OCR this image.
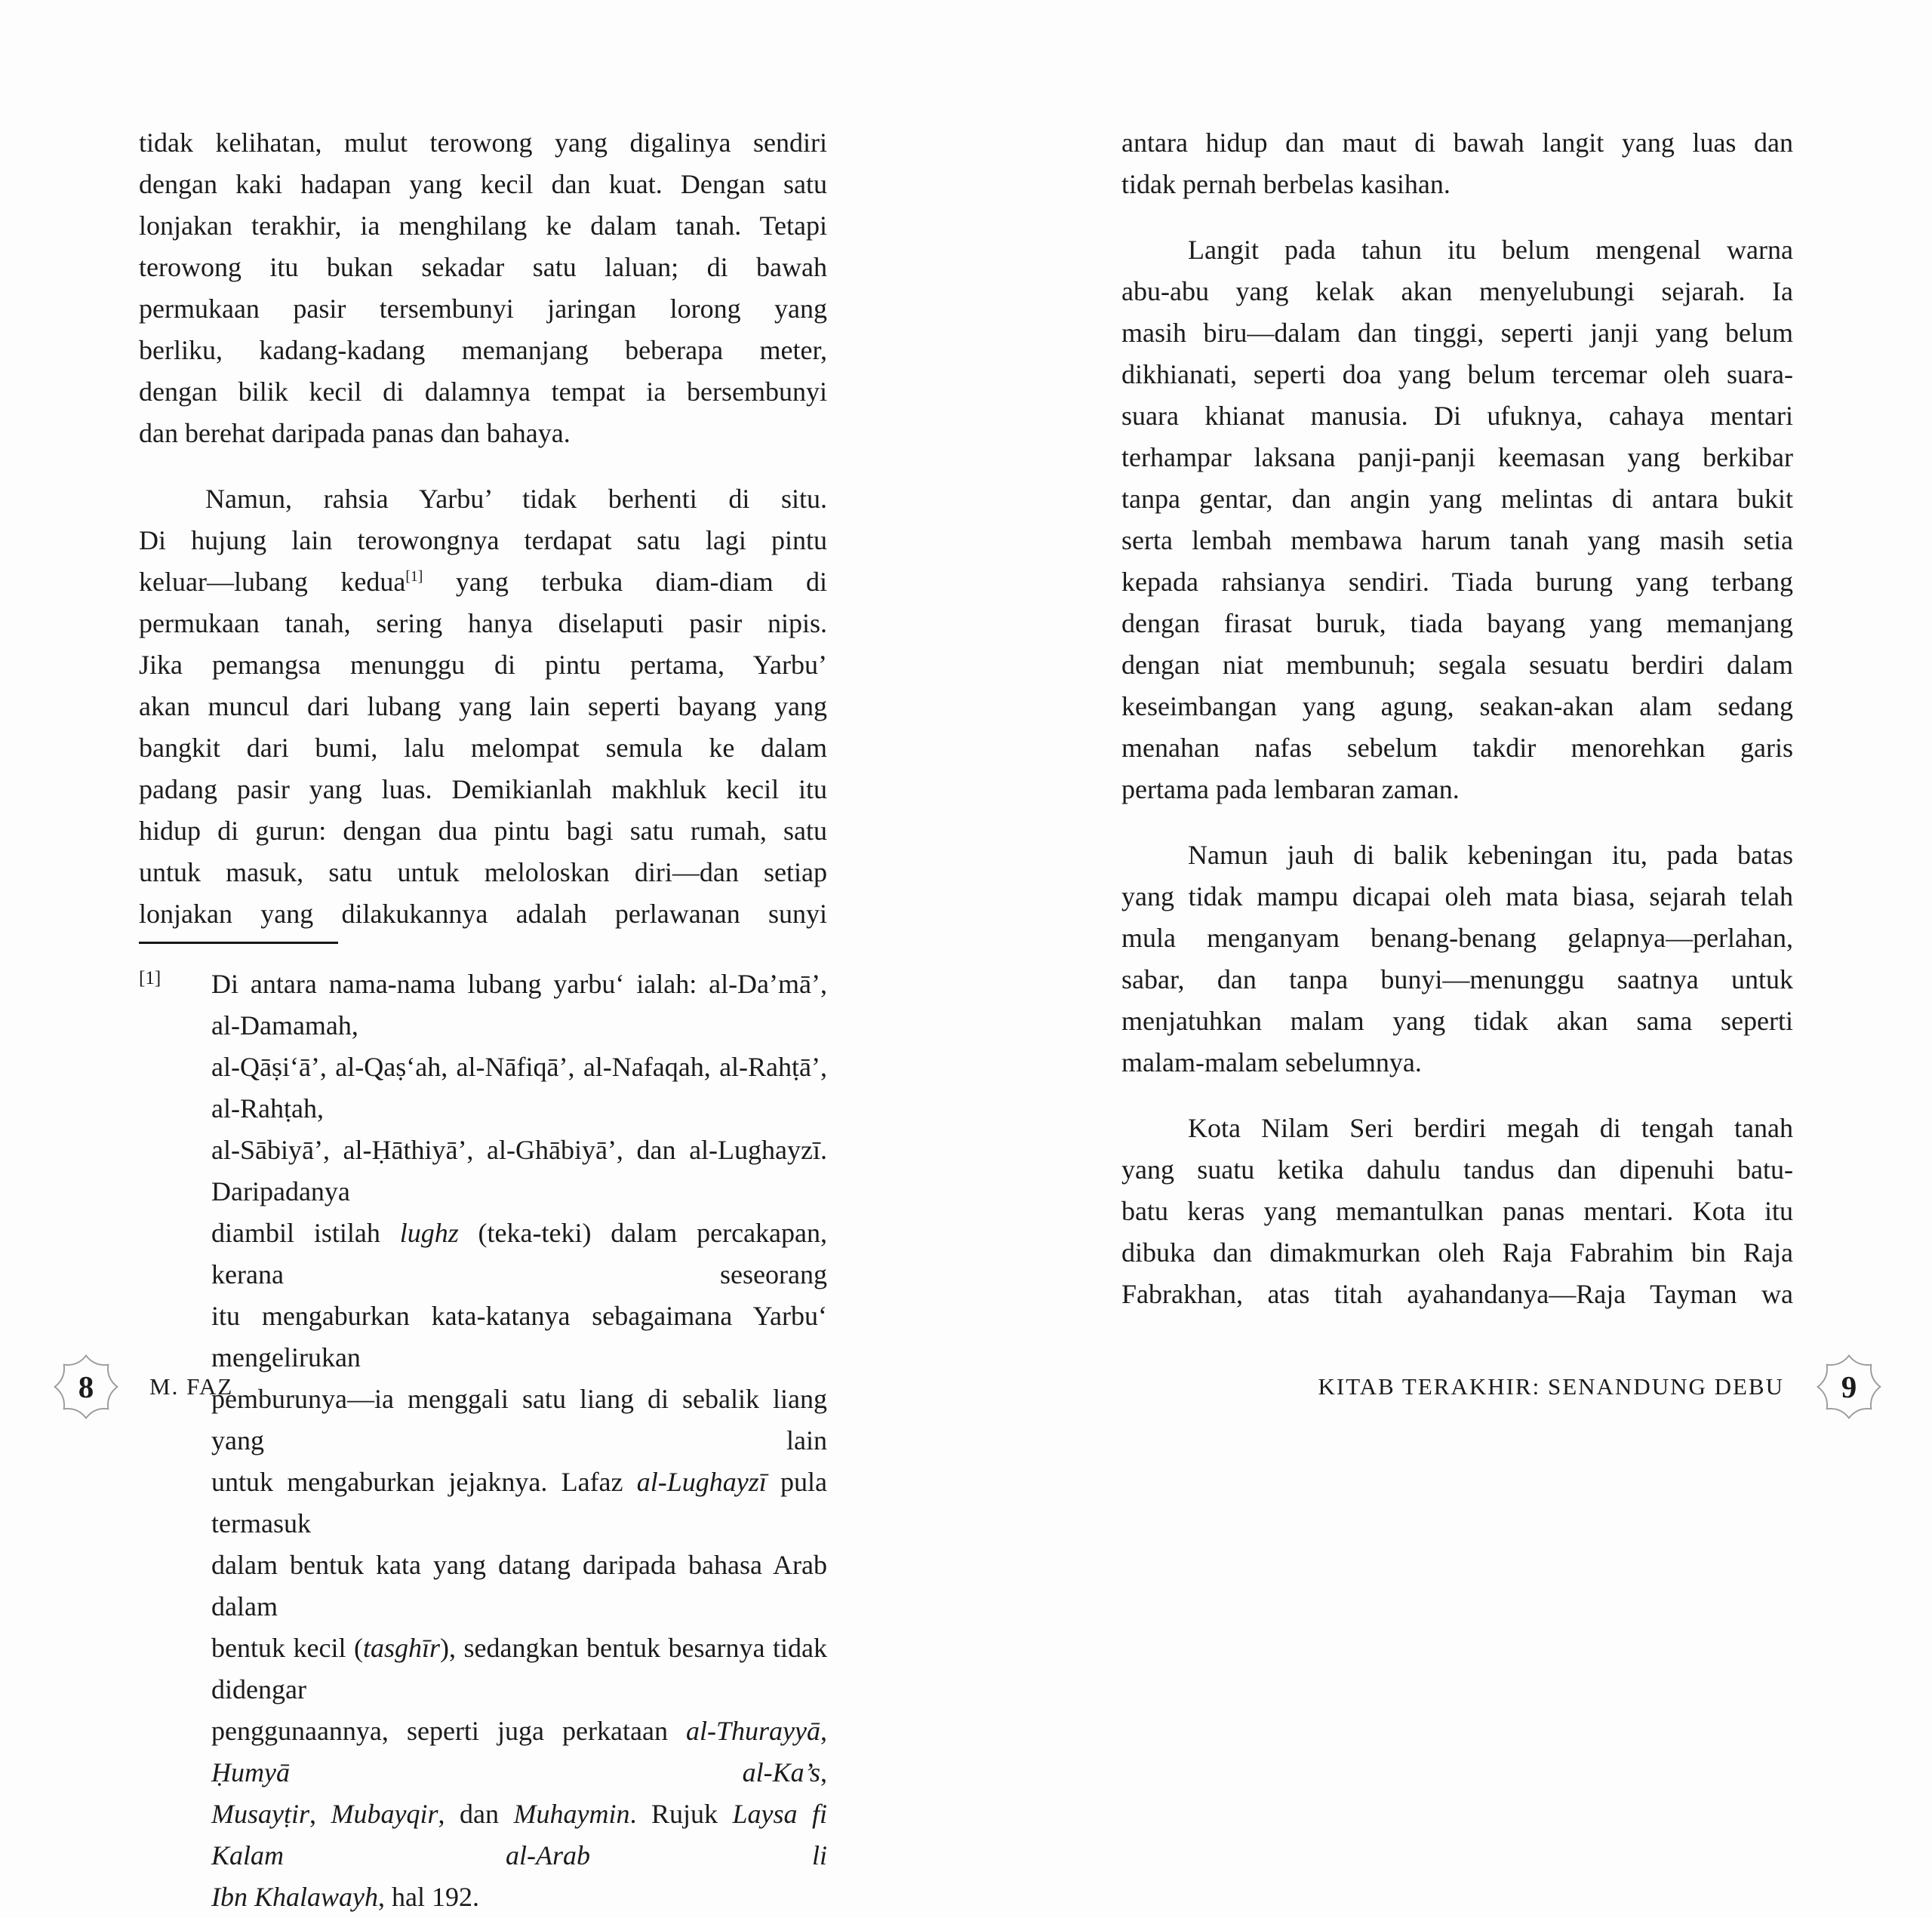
tidak kelihatan, mulut terowong yang digalinya sendiri
dengan kaki hadapan yang kecil dan kuat. Dengan satu
lonjakan terakhir, ia menghilang ke dalam tanah. Tetapi
terowong itu bukan sekadar satu laluan; di bawah
permukaan pasir tersembunyi jaringan lorong yang
berliku, kadang-kadang memanjang beberapa meter,
dengan bilik kecil di dalamnya tempat ia bersembunyi
dan berehat daripada panas dan bahaya.
Namun, rahsia Yarbu’ tidak berhenti di situ.
Di hujung lain terowongnya terdapat satu lagi pintu
keluar—lubang kedua[1] yang terbuka diam-diam di
permukaan tanah, sering hanya diselaputi pasir nipis.
Jika pemangsa menunggu di pintu pertama, Yarbu’
akan muncul dari lubang yang lain seperti bayang yang
bangkit dari bumi, lalu melompat semula ke dalam
padang pasir yang luas. Demikianlah makhluk kecil itu
hidup di gurun: dengan dua pintu bagi satu rumah, satu
untuk masuk, satu untuk meloloskan diri—dan setiap
lonjakan yang dilakukannya adalah perlawanan sunyi
[1] Di antara nama-nama lubang yarbu‘ ialah: al-Da’mā’, al-Damamah,
al-Qāṣi‘ā’, al-Qaṣ‘ah, al-Nāfiqā’, al-Nafaqah, al-Rahṭā’, al-Rahṭah,
al-Sābiyā’, al-Ḥāthiyā’, al-Ghābiyā’, dan al-Lughayzī. Daripadanya
diambil istilah lughz (teka-teki) dalam percakapan, kerana seseorang
itu mengaburkan kata-katanya sebagaimana Yarbu‘ mengelirukan
pemburunya—ia menggali satu liang di sebalik liang yang lain
untuk mengaburkan jejaknya. Lafaz al-Lughayzī pula termasuk
dalam bentuk kata yang datang daripada bahasa Arab dalam
bentuk kecil (tasghīr), sedangkan bentuk besarnya tidak didengar
penggunaannya, seperti juga perkataan al-Thurayyā, Ḥumyā al-Ka’s,
Musayṭir, Mubayqir, dan Muhaymin. Rujuk Laysa fi Kalam al-Arab li
Ibn Khalawayh, hal 192.
antara hidup dan maut di bawah langit yang luas dan
tidak pernah berbelas kasihan.
Langit pada tahun itu belum mengenal warna
abu-abu yang kelak akan menyelubungi sejarah. Ia
masih biru—dalam dan tinggi, seperti janji yang belum
dikhianati, seperti doa yang belum tercemar oleh suara-
suara khianat manusia. Di ufuknya, cahaya mentari
terhampar laksana panji-panji keemasan yang berkibar
tanpa gentar, dan angin yang melintas di antara bukit
serta lembah membawa harum tanah yang masih setia
kepada rahsianya sendiri. Tiada burung yang terbang
dengan firasat buruk, tiada bayang yang memanjang
dengan niat membunuh; segala sesuatu berdiri dalam
keseimbangan yang agung, seakan-akan alam sedang
menahan nafas sebelum takdir menorehkan garis
pertama pada lembaran zaman.
Namun jauh di balik kebeningan itu, pada batas
yang tidak mampu dicapai oleh mata biasa, sejarah telah
mula menganyam benang-benang gelapnya—perlahan,
sabar, dan tanpa bunyi—menunggu saatnya untuk
menjatuhkan malam yang tidak akan sama seperti
malam-malam sebelumnya.
Kota Nilam Seri berdiri megah di tengah tanah
yang suatu ketika dahulu tandus dan dipenuhi batu-
batu keras yang memantulkan panas mentari. Kota itu
dibuka dan dimakmurkan oleh Raja Fabrahim bin Raja
Fabrakhan, atas titah ayahandanya—Raja Tayman wa
8 M. FAZ	KITAB TERAKHIR: SENANDUNG DEBU 9
